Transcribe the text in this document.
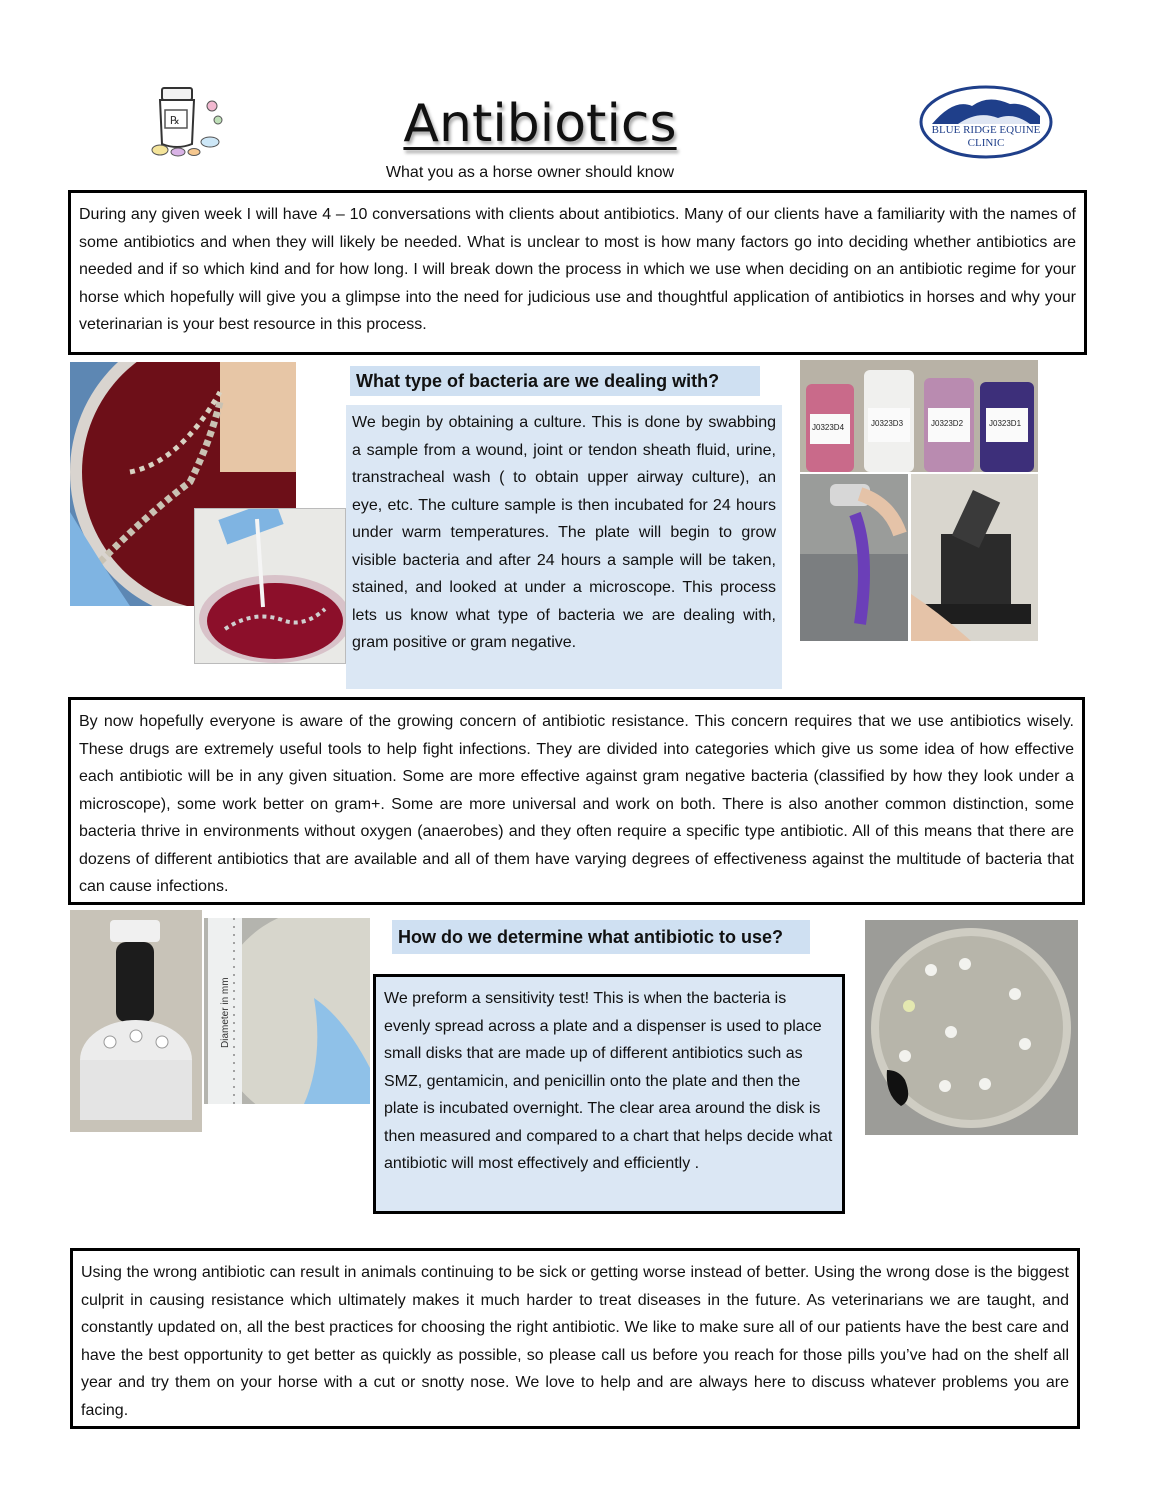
℞	Antibiotics
What you as a horse owner should know
BLUE RIDGE EQUINE
CLINIC
During any given week I will have 4 – 10 conversations with clients about antibiotics. Many of our clients have a familiarity with the names of some antibiotics and when they will likely be needed. What is unclear to most is how many factors go into deciding whether antibiotics are needed and if so which kind and for how long. I will break down the process in which we use when deciding on an antibiotic regime for your horse which hopefully will give you a glimpse into the need for judicious use and thoughtful application of antibiotics in horses and why your veterinarian is your best resource in this process.
What type of bacteria are we dealing with?
We begin by obtaining a culture. This is done by swabbing a sample from a wound, joint or tendon sheath fluid, urine, transtracheal wash ( to obtain upper airway culture), an eye, etc. The culture sample is then incubated for 24 hours under warm temperatures. The plate will begin to grow visible bacteria and after 24 hours a sample will be taken, stained, and looked at under a microscope. This process lets us know what type of bacteria we are dealing with, gram positive or gram negative.
J0323D4	J0323D3	J0323D2	J0323D1
By now hopefully everyone is aware of the growing concern of antibiotic resistance. This concern requires that we use antibiotics wisely. These drugs are extremely useful tools to help fight infections. They are divided into categories which give us some idea of how effective each antibiotic will be in any given situation. Some are more effective against gram negative bacteria (classified by how they look under a microscope), some work better on gram+. Some are more universal and work on both. There is also another common distinction, some bacteria thrive in environments without oxygen (anaerobes) and they often require a specific type antibiotic. All of this means that there are dozens of different antibiotics that are available and all of them have varying degrees of effectiveness against the multitude of bacteria that can cause infections.
Diameter in mm
How do we determine what antibiotic to use?
We preform a sensitivity test! This is when the bacteria is evenly spread across a plate and a dispenser is used to place small disks that are made up of different antibiotics such as SMZ, gentamicin, and penicillin onto the plate and then the plate is incubated overnight. The clear area around the disk is then measured and compared to a chart that helps decide what antibiotic will most effectively and efficiently .
Using the wrong antibiotic can result in animals continuing to be sick or getting worse instead of better. Using the wrong dose is the biggest culprit in causing resistance which ultimately makes it much harder to treat diseases in the future. As veterinarians we are taught, and constantly updated on, all the best practices for choosing the right antibiotic. We like to make sure all of our patients have the best care and have the best opportunity to get better as quickly as possible, so please call us before you reach for those pills you’ve had on the shelf all year and try them on your horse with a cut or snotty nose. We love to help and are always here to discuss whatever problems you are facing.
